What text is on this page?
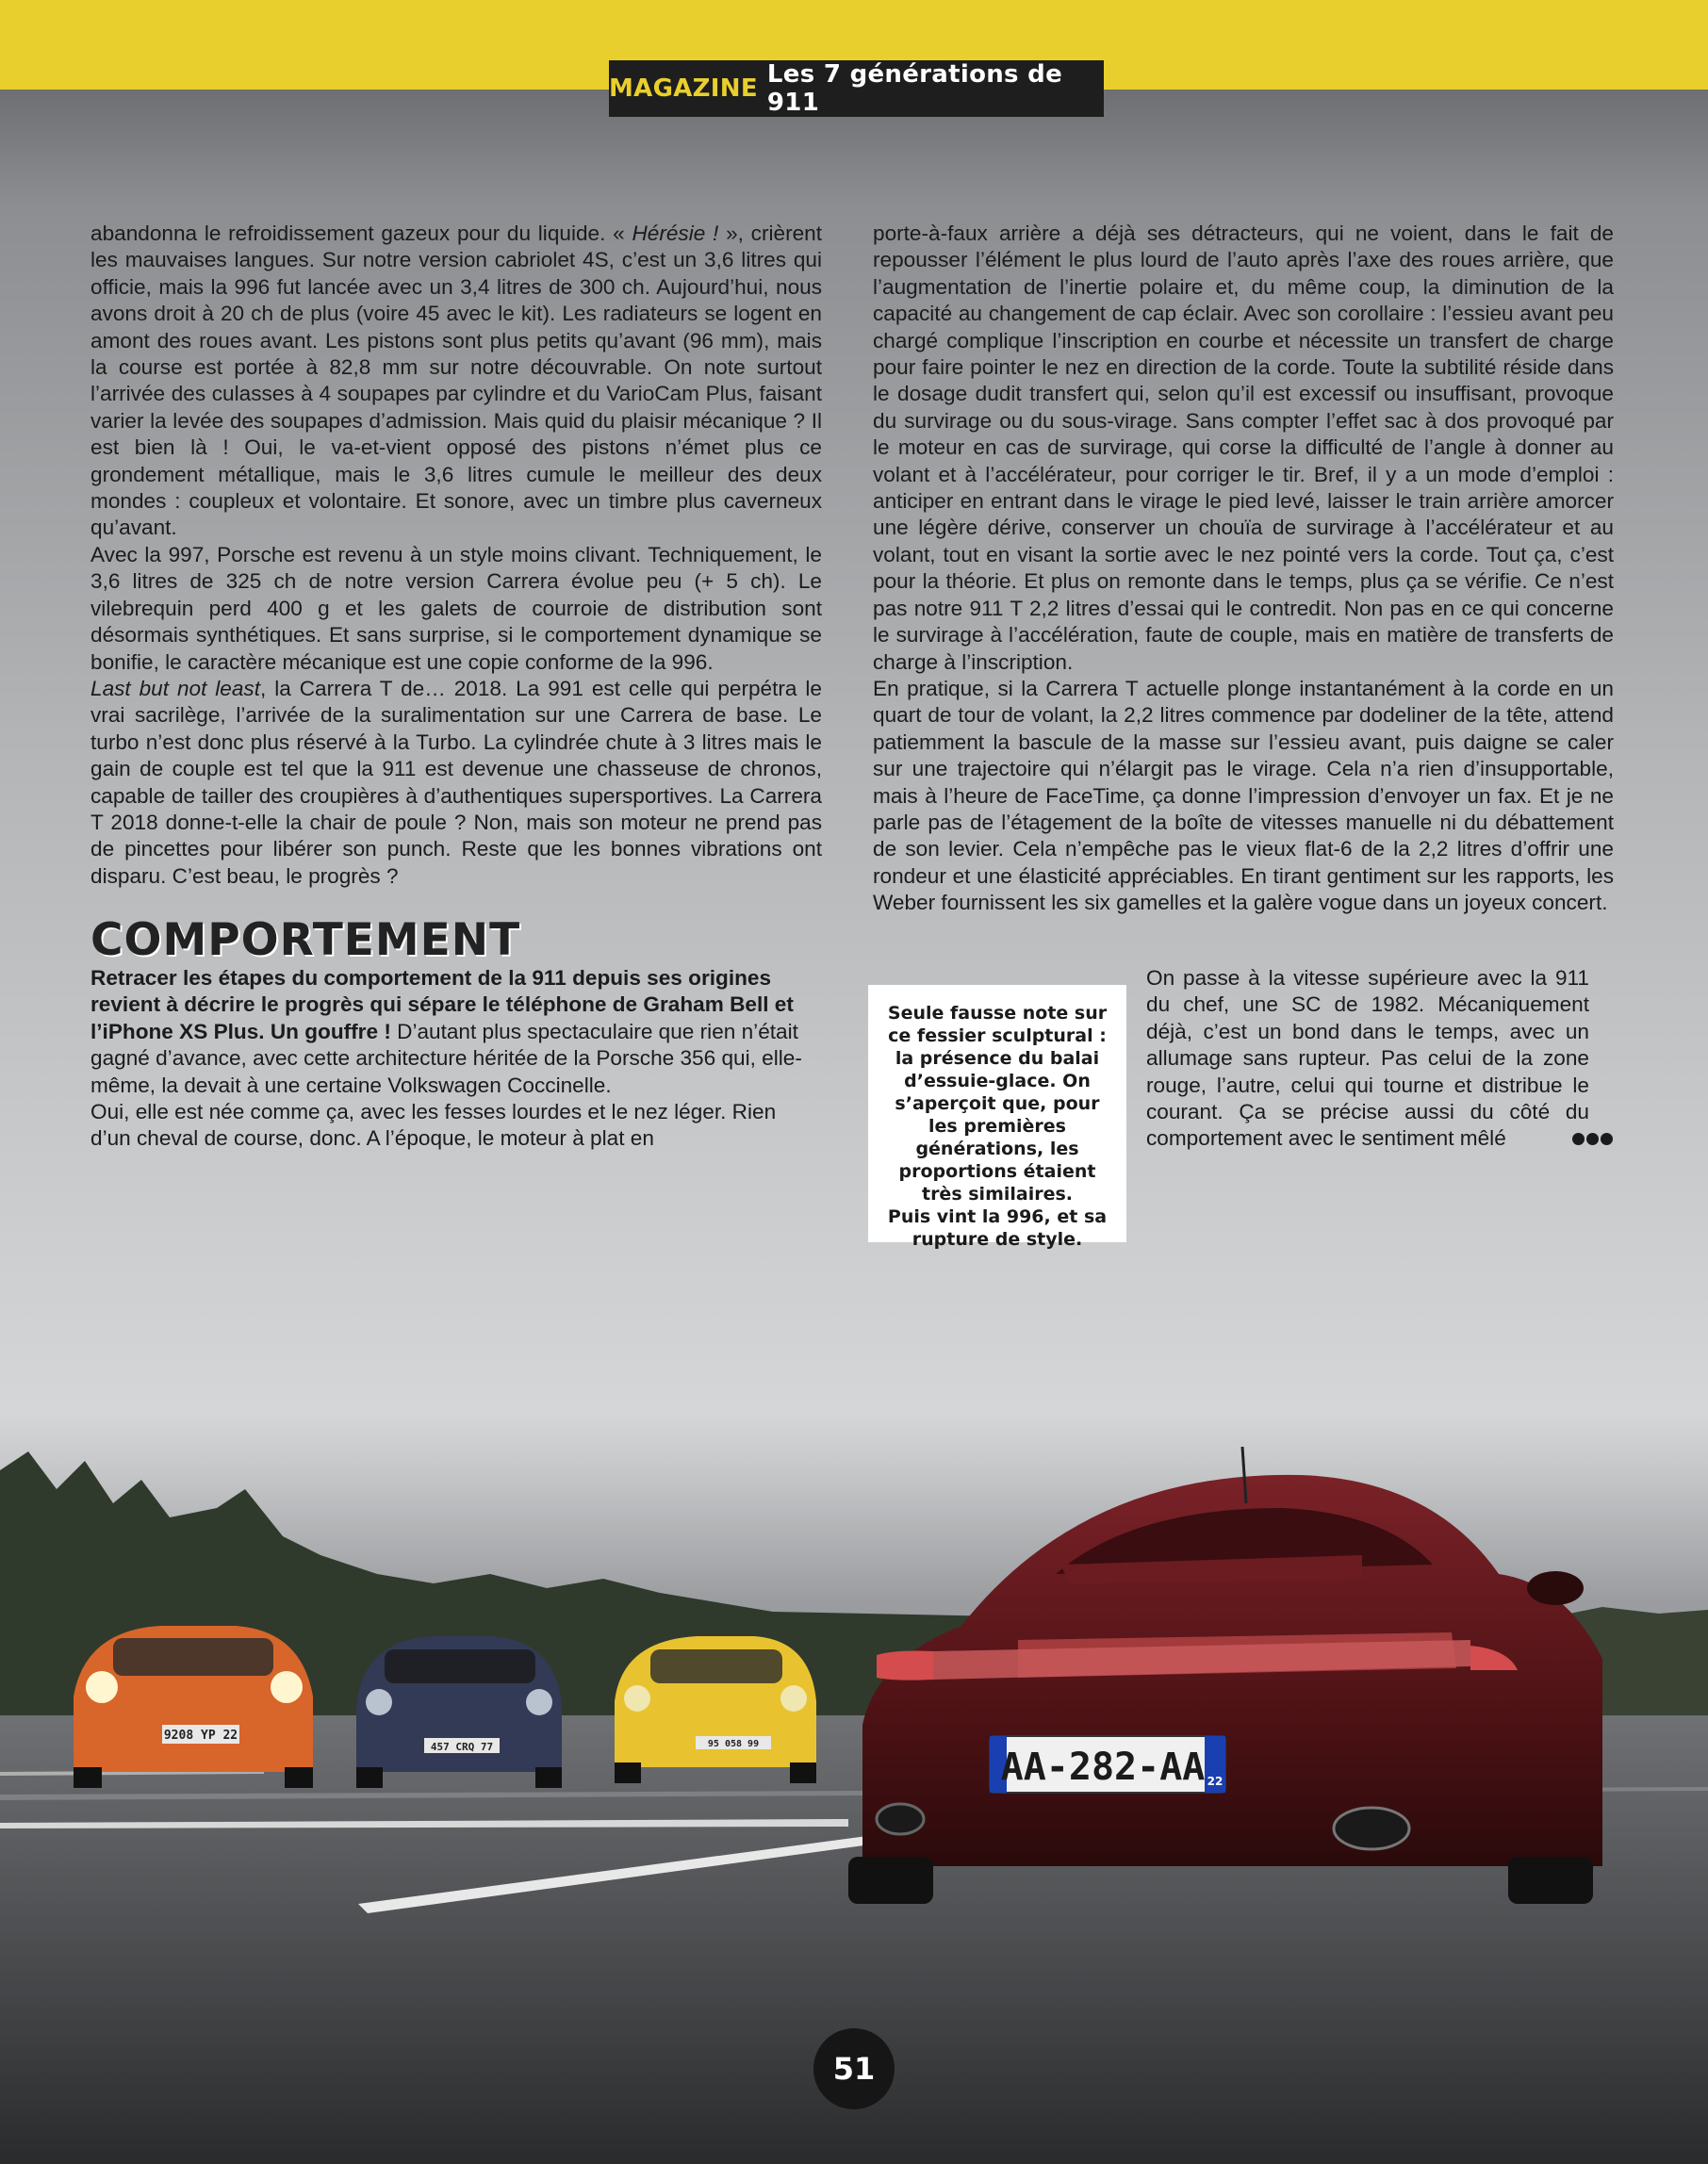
MAGAZINE Les 7 générations de 911

abandonna le refroidissement gazeux pour du liquide. « Hérésie ! », crièrent les mauvaises langues. Sur notre version cabriolet 4S, c’est un 3,6 litres qui officie, mais la 996 fut lancée avec un 3,4 litres de 300 ch. Aujourd’hui, nous avons droit à 20 ch de plus (voire 45 avec le kit). Les radiateurs se logent en amont des roues avant. Les pistons sont plus petits qu’avant (96 mm), mais la course est portée à 82,8 mm sur notre découvrable. On note surtout l’arrivée des culasses à 4 soupapes par cylindre et du VarioCam Plus, faisant varier la levée des soupapes d’admission. Mais quid du plaisir mécanique ? Il est bien là ! Oui, le va-et-vient opposé des pistons n’émet plus ce grondement métallique, mais le 3,6 litres cumule le meilleur des deux mondes : coupleux et volontaire. Et sonore, avec un timbre plus caverneux qu’avant.

Avec la 997, Porsche est revenu à un style moins clivant. Techniquement, le 3,6 litres de 325 ch de notre version Carrera évolue peu (+ 5 ch). Le vilebrequin perd 400 g et les galets de courroie de distribution sont désormais synthétiques. Et sans surprise, si le comportement dynamique se bonifie, le caractère mécanique est une copie conforme de la 996.

Last but not least, la Carrera T de… 2018. La 991 est celle qui perpétra le vrai sacrilège, l’arrivée de la suralimentation sur une Carrera de base. Le turbo n’est donc plus réservé à la Turbo. La cylindrée chute à 3 litres mais le gain de couple est tel que la 911 est devenue une chasseuse de chronos, capable de tailler des croupières à d’authentiques supersportives. La Carrera T 2018 donne-t-elle la chair de poule ? Non, mais son moteur ne prend pas de pincettes pour libérer son punch. Reste que les bonnes vibrations ont disparu. C’est beau, le progrès ?

COMPORTEMENT

Retracer les étapes du comportement de la 911 depuis ses origines revient à décrire le progrès qui sépare le téléphone de Graham Bell et l’iPhone XS Plus. Un gouffre ! D’autant plus spectaculaire que rien n’était gagné d’avance, avec cette architecture héritée de la Porsche 356 qui, elle-même, la devait à une certaine Volkswagen Coccinelle.

Oui, elle est née comme ça, avec les fesses lourdes et le nez léger. Rien d’un cheval de course, donc. A l’époque, le moteur à plat en

porte-à-faux arrière a déjà ses détracteurs, qui ne voient, dans le fait de repousser l’élément le plus lourd de l’auto après l’axe des roues arrière, que l’augmentation de l’inertie polaire et, du même coup, la diminution de la capacité au changement de cap éclair. Avec son corollaire : l’essieu avant peu chargé complique l’inscription en courbe et nécessite un transfert de charge pour faire pointer le nez en direction de la corde. Toute la subtilité réside dans le dosage dudit transfert qui, selon qu’il est excessif ou insuffisant, provoque du survirage ou du sous-virage. Sans compter l’effet sac à dos provoqué par le moteur en cas de survirage, qui corse la difficulté de l’angle à donner au volant et à l’accélérateur, pour corriger le tir. Bref, il y a un mode d’emploi : anticiper en entrant dans le virage le pied levé, laisser le train arrière amorcer une légère dérive, conserver un chouïa de survirage à l’accélérateur et au volant, tout en visant la sortie avec le nez pointé vers la corde. Tout ça, c’est pour la théorie. Et plus on remonte dans le temps, plus ça se vérifie. Ce n’est pas notre 911 T 2,2 litres d’essai qui le contredit. Non pas en ce qui concerne le survirage à l’accélération, faute de couple, mais en matière de transferts de charge à l’inscription.

En pratique, si la Carrera T actuelle plonge instantanément à la corde en un quart de tour de volant, la 2,2 litres commence par dodeliner de la tête, attend patiemment la bascule de la masse sur l’essieu avant, puis daigne se caler sur une trajectoire qui n’élargit pas le virage. Cela n’a rien d’insupportable, mais à l’heure de FaceTime, ça donne l’impression d’envoyer un fax. Et je ne parle pas de l’étagement de la boîte de vitesses manuelle ni du débattement de son levier. Cela n’empêche pas le vieux flat-6 de la 2,2 litres d’offrir une rondeur et une élasticité appréciables. En tirant gentiment sur les rapports, les Weber fournissent les six gamelles et la galère vogue dans un joyeux concert.

On passe à la vitesse supérieure avec la 911 du chef, une SC de 1982. Mécaniquement déjà, c’est un bond dans le temps, avec un allumage sans rupteur. Pas celui de la zone rouge, l’autre, celui qui tourne et distribue le courant. Ça se précise aussi du côté du comportement avec le sentiment mêlé

Seule fausse note sur ce fessier sculptural : la présence du balai d’essuie-glace. On s’aperçoit que, pour les premières générations, les proportions étaient très similaires.
Puis vint la 996, et sa rupture de style.
9208 YP 22
457 CRQ 77	95 058 99
AA-282-AA 22
51
